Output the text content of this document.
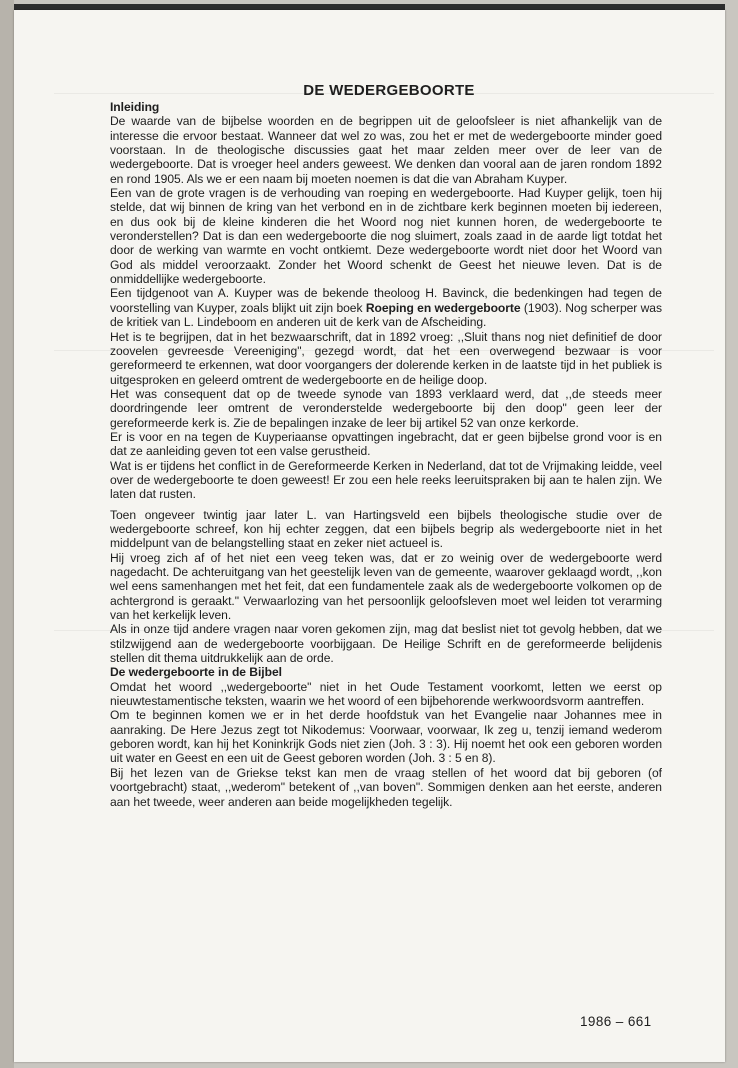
DE WEDERGEBOORTE
Inleiding

De waarde van de bijbelse woorden en de begrippen uit de geloofsleer is niet afhankelijk van de interesse die ervoor bestaat. Wanneer dat wel zo was, zou het er met de wedergeboorte minder goed voorstaan. In de theologische discussies gaat het maar zelden meer over de leer van de wedergeboorte. Dat is vroeger heel anders geweest. We denken dan vooral aan de jaren rondom 1892 en rond 1905. Als we er een naam bij moeten noemen is dat die van Abraham Kuyper.

Een van de grote vragen is de verhouding van roeping en wedergeboorte. Had Kuyper gelijk, toen hij stelde, dat wij binnen de kring van het verbond en in de zichtbare kerk beginnen moeten bij iedereen, en dus ook bij de kleine kinderen die het Woord nog niet kunnen horen, de wedergeboorte te veronderstellen? Dat is dan een wedergeboorte die nog sluimert, zoals zaad in de aarde ligt totdat het door de werking van warmte en vocht ontkiemt. Deze wedergeboorte wordt niet door het Woord van God als middel veroorzaakt. Zonder het Woord schenkt de Geest het nieuwe leven. Dat is de onmiddellijke wedergeboorte.

Een tijdgenoot van A. Kuyper was de bekende theoloog H. Bavinck, die bedenkingen had tegen de voorstelling van Kuyper, zoals blijkt uit zijn boek Roeping en wedergeboorte (1903). Nog scherper was de kritiek van L. Lindeboom en anderen uit de kerk van de Afscheiding.

Het is te begrijpen, dat in het bezwaarschrift, dat in 1892 vroeg: ,,Sluit thans nog niet definitief de door zoovelen gevreesde Vereeniging", gezegd wordt, dat het een overwegend bezwaar is voor gereformeerd te erkennen, wat door voorgangers der dolerende kerken in de laatste tijd in het publiek is uitgesproken en geleerd omtrent de wedergeboorte en de heilige doop.

Het was consequent dat op de tweede synode van 1893 verklaard werd, dat ,,de steeds meer doordringende leer omtrent de veronderstelde wedergeboorte bij den doop" geen leer der gereformeerde kerk is. Zie de bepalingen inzake de leer bij artikel 52 van onze kerkorde.

Er is voor en na tegen de Kuyperiaanse opvattingen ingebracht, dat er geen bijbelse grond voor is en dat ze aanleiding geven tot een valse gerustheid.

Wat is er tijdens het conflict in de Gereformeerde Kerken in Nederland, dat tot de Vrijmaking leidde, veel over de wedergeboorte te doen geweest! Er zou een hele reeks leeruitspraken bij aan te halen zijn. We laten dat rusten.

Toen ongeveer twintig jaar later L. van Hartingsveld een bijbels theologische studie over de wedergeboorte schreef, kon hij echter zeggen, dat een bijbels begrip als wedergeboorte niet in het middelpunt van de belangstelling staat en zeker niet actueel is.

Hij vroeg zich af of het niet een veeg teken was, dat er zo weinig over de wedergeboorte werd nagedacht. De achteruitgang van het geestelijk leven van de gemeente, waarover geklaagd wordt, ,,kon wel eens samenhangen met het feit, dat een fundamentele zaak als de wedergeboorte volkomen op de achtergrond is geraakt." Verwaarlozing van het persoonlijk geloofsleven moet wel leiden tot verarming van het kerkelijk leven.

Als in onze tijd andere vragen naar voren gekomen zijn, mag dat beslist niet tot gevolg hebben, dat we stilzwijgend aan de wedergeboorte voorbijgaan. De Heilige Schrift en de gereformeerde belijdenis stellen dit thema uitdrukkelijk aan de orde.

De wedergeboorte in de Bijbel

Omdat het woord ,,wedergeboorte" niet in het Oude Testament voorkomt, letten we eerst op nieuwtestamentische teksten, waarin we het woord of een bijbehorende werkwoordsvorm aantreffen.

Om te beginnen komen we er in het derde hoofdstuk van het Evangelie naar Johannes mee in aanraking. De Here Jezus zegt tot Nikodemus: Voorwaar, voorwaar, Ik zeg u, tenzij iemand wederom geboren wordt, kan hij het Koninkrijk Gods niet zien (Joh. 3 : 3). Hij noemt het ook een geboren worden uit water en Geest en een uit de Geest geboren worden (Joh. 3 : 5 en 8).

Bij het lezen van de Griekse tekst kan men de vraag stellen of het woord dat bij geboren (of voortgebracht) staat, ,,wederom" betekent of ,,van boven". Sommigen denken aan het eerste, anderen aan het tweede, weer anderen aan beide mogelijkheden tegelijk.

1986 – 661
